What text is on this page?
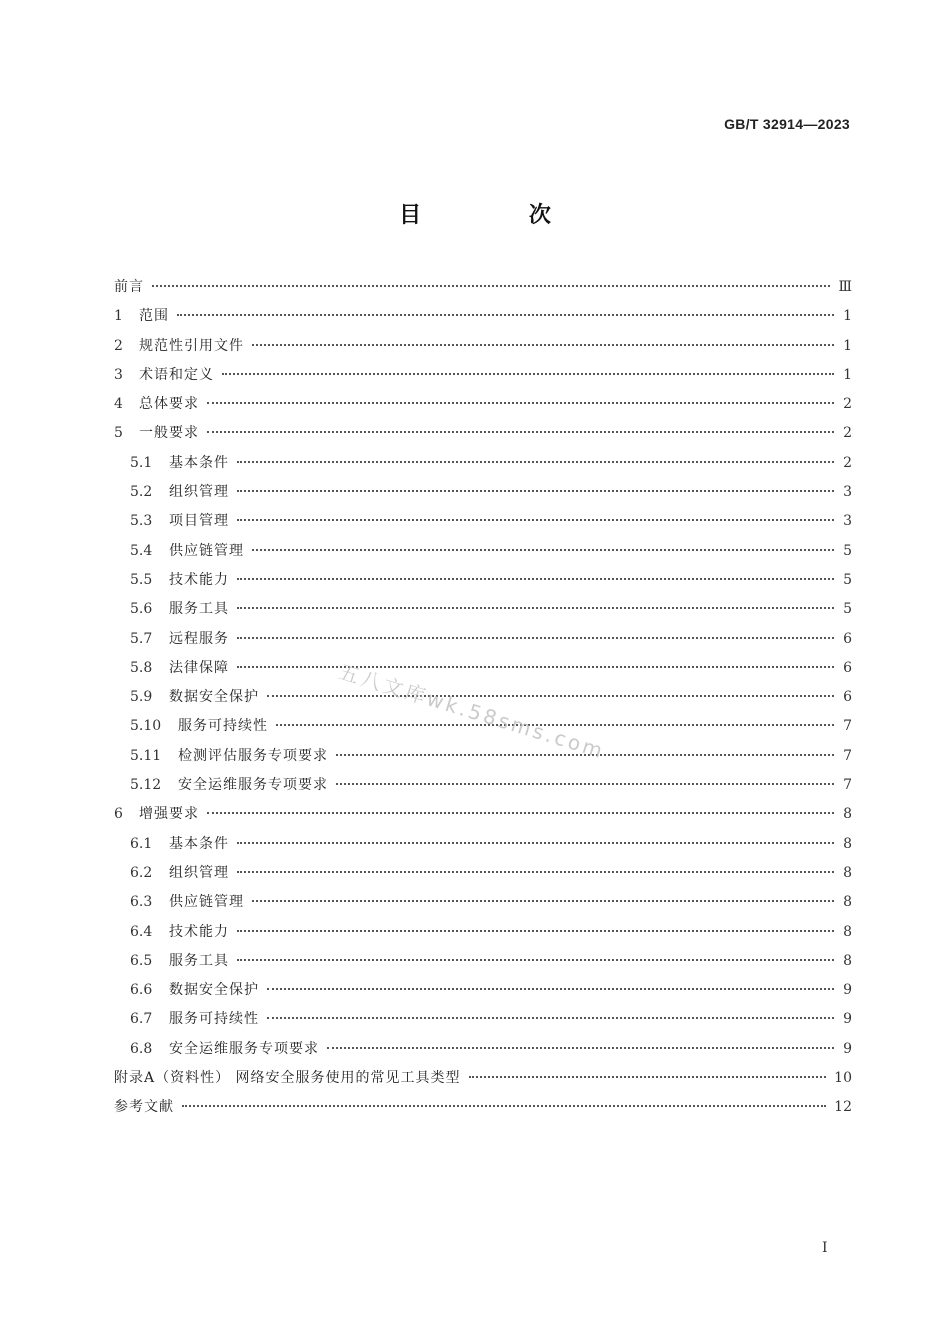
GB/T 32914—2023
目 次
前言	Ⅲ
1	范围	1
2	规范性引用文件	1
3	术语和定义	1
4	总体要求	2
5	一般要求	2
5.1	基本条件	2
5.2	组织管理	3
5.3	项目管理	3
5.4	供应链管理	5
5.5	技术能力	5
5.6	服务工具	5
5.7	远程服务	6
5.8	法律保障	6
5.9	数据安全保护	6
5.10	服务可持续性	7
5.11	检测评估服务专项要求	7
5.12	安全运维服务专项要求	7
6	增强要求	8
6.1	基本条件	8
6.2	组织管理	8
6.3	供应链管理	8
6.4	技术能力	8
6.5	服务工具	8
6.6	数据安全保护	9
6.7	服务可持续性	9
6.8	安全运维服务专项要求	9
附录A（资料性） 网络安全服务使用的常见工具类型	10
参考文献	12
五八文库wk.58sms.com
Ⅰ
